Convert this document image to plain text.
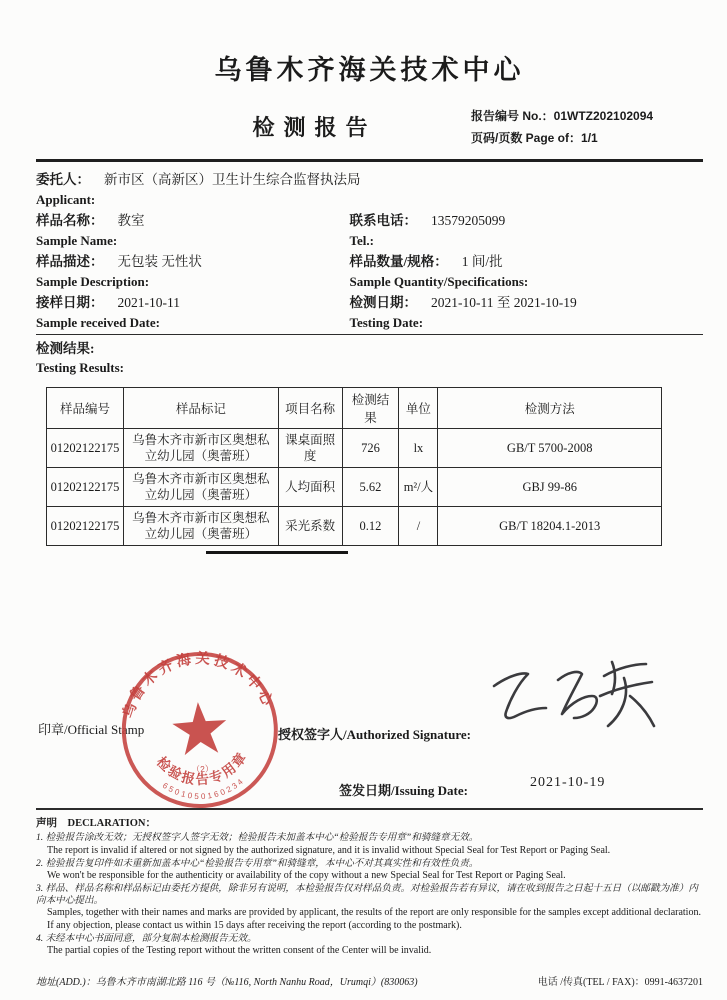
乌鲁木齐海关技术中心
检测报告	报告编号 No.：01WTZ202102094
页码/页数 Page of：1/1
委托人： 新市区（高新区）卫生计生综合监督执法局
Applicant:
样品名称： 教室
Sample Name:
联系电话： 13579205099
Tel.:
样品描述： 无包装 无性状
Sample Description:
样品数量/规格： 1 间/批
Sample Quantity/Specifications:
接样日期： 2021-10-11
Sample received Date:
检测日期： 2021-10-11 至 2021-10-19
Testing Date:
检测结果:
Testing Results:
样品编号	样品标记	项目名称	检测结果	单位	检测方法
01202122175	乌鲁木齐市新市区奥想私立幼儿园（奥蕾班）	课桌面照度	726	lx	GB/T 5700-2008
01202122175	乌鲁木齐市新市区奥想私立幼儿园（奥蕾班）	人均面积	5.62	m²/人	GBJ 99-86
01202122175	乌鲁木齐市新市区奥想私立幼儿园（奥蕾班）	采光系数	0.12	/	GB/T 18204.1-2013
印章/Official Stamp
乌鲁木齐海关技术中心
检验报告专用章
6501050160234
（2）
授权签字人/Authorized Signature:
签发日期/Issuing Date:
2021-10-19
声明　DECLARATION：
1. 检验报告涂改无效；无授权签字人签字无效；检验报告未加盖本中心“检验报告专用章”和骑缝章无效。
The report is invalid if altered or not signed by the authorized signature, and it is invalid without Special Seal for Test Report or Paging Seal.
2. 检验报告复印件如未重新加盖本中心“检验报告专用章”和骑缝章，本中心不对其真实性和有效性负责。
We won't be responsible for the authenticity or availability of the copy without a new Special Seal for Test Report or Paging Seal.
3. 样品、样品名称和样品标记由委托方提供，除非另有说明，本检验报告仅对样品负责。对检验报告若有异议，请在收到报告之日起十五日（以邮戳为准）内向本中心提出。
Samples, together with their names and marks are provided by applicant, the results of the report are only responsible for the samples except additional declaration. If any objection, please contact us within 15 days after receiving the report (according to the postmark).
4. 未经本中心书面同意，部分复制本检测报告无效。
The partial copies of the Testing report without the written consent of the Center will be invalid.
地址(ADD.)：乌鲁木齐市南湖北路 116 号（№116, North Nanhu Road，Urumqi）(830063)	电话 /传真(TEL / FAX)：0991-4637201
